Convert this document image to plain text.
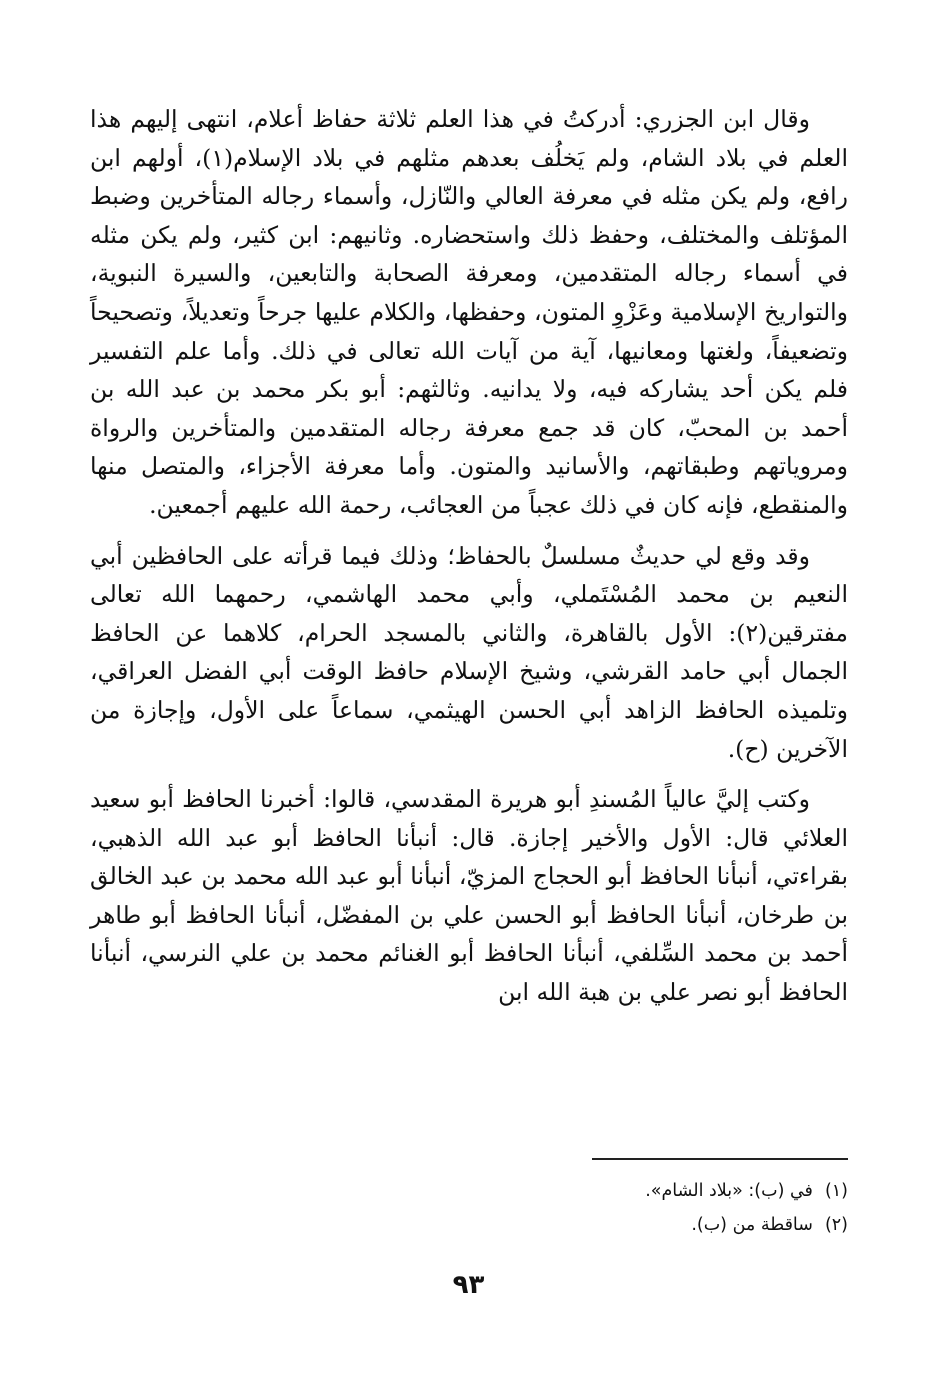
وقال ابن الجزري: أدركتُ في هذا العلم ثلاثة حفاظ أعلام، انتهى إليهم هذا العلم في بلاد الشام، ولم يَخلُف بعدهم مثلهم في بلاد الإسلام(١)، أولهم ابن رافع، ولم يكن مثله في معرفة العالي والنّازل، وأسماء رجاله المتأخرين وضبط المؤتلف والمختلف، وحفظ ذلك واستحضاره. وثانيهم: ابن كثير، ولم يكن مثله في أسماء رجاله المتقدمين، ومعرفة الصحابة والتابعين، والسيرة النبوية، والتواريخ الإسلامية وعَزْوِ المتون، وحفظها، والكلام عليها جرحاً وتعديلاً، وتصحيحاً وتضعيفاً، ولغتها ومعانيها، آية من آيات الله تعالى في ذلك. وأما علم التفسير فلم يكن أحد يشاركه فيه، ولا يدانيه. وثالثهم: أبو بكر محمد بن عبد الله بن أحمد بن المحبّ، كان قد جمع معرفة رجاله المتقدمين والمتأخرين والرواة ومروياتهم وطبقاتهم، والأسانيد والمتون. وأما معرفة الأجزاء، والمتصل منها والمنقطع، فإنه كان في ذلك عجباً من العجائب، رحمة الله عليهم أجمعين.

وقد وقع لي حديثٌ مسلسلٌ بالحفاظ؛ وذلك فيما قرأته على الحافظين أبي النعيم بن محمد المُسْتَملي، وأبي محمد الهاشمي، رحمهما الله تعالى مفترقين(٢): الأول بالقاهرة، والثاني بالمسجد الحرام، كلاهما عن الحافظ الجمال أبي حامد القرشي، وشيخ الإسلام حافظ الوقت أبي الفضل العراقي، وتلميذه الحافظ الزاهد أبي الحسن الهيثمي، سماعاً على الأول، وإجازة من الآخرين (ح).

وكتب إليَّ عالياً المُسندِ أبو هريرة المقدسي، قالوا: أخبرنا الحافظ أبو سعيد العلائي قال: الأول والأخير إجازة. قال: أنبأنا الحافظ أبو عبد الله الذهبي، بقراءتي، أنبأنا الحافظ أبو الحجاج المزيّ، أنبأنا أبو عبد الله محمد بن عبد الخالق بن طرخان، أنبأنا الحافظ أبو الحسن علي بن المفضّل، أنبأنا الحافظ أبو طاهر أحمد بن محمد السِّلفي، أنبأنا الحافظ أبو الغنائم محمد بن علي النرسي، أنبأنا الحافظ أبو نصر علي بن هبة الله ابن

(١)في (ب): «بلاد الشام».

(٢)ساقطة من (ب).

٩٣
